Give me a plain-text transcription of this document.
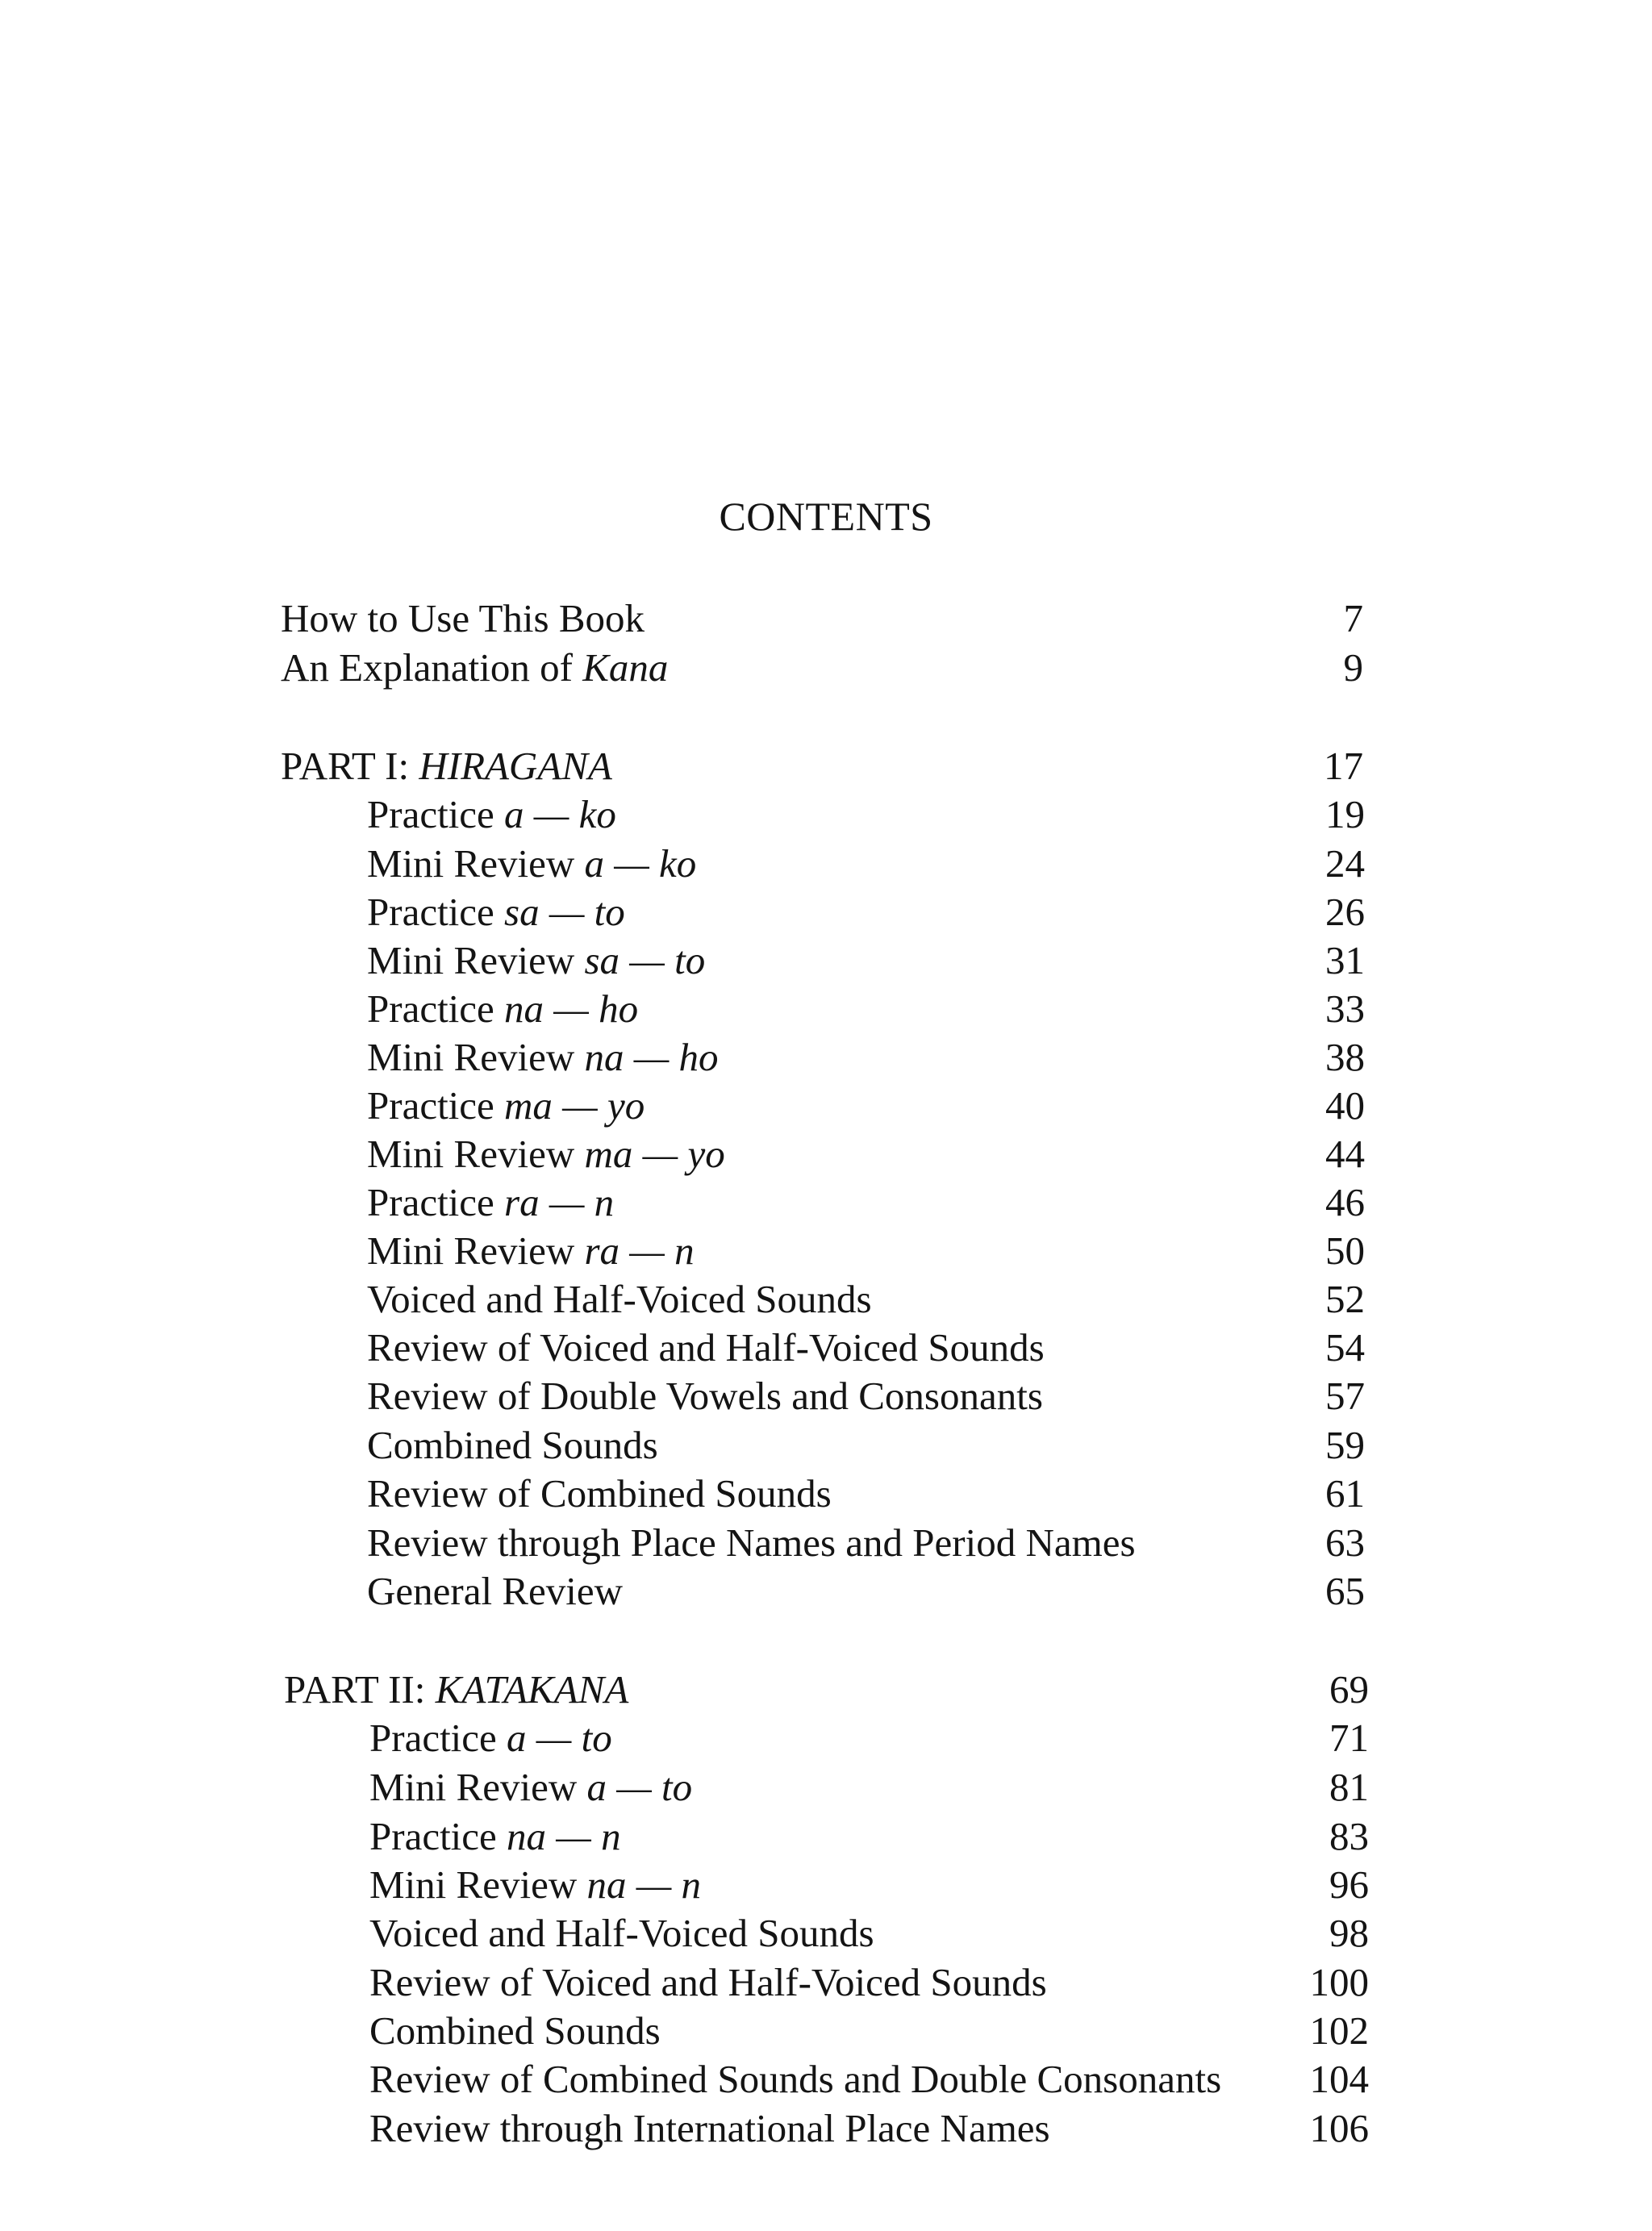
CONTENTS
How to Use This Book	7
An Explanation of Kana	9
PART I: HIRAGANA	17
Practice a — ko	19
Mini Review a — ko	24
Practice sa — to	26
Mini Review sa — to	31
Practice na — ho	33
Mini Review na — ho	38
Practice ma — yo	40
Mini Review ma — yo	44
Practice ra — n	46
Mini Review ra — n	50
Voiced and Half-Voiced Sounds	52
Review of Voiced and Half-Voiced Sounds	54
Review of Double Vowels and Consonants	57
Combined Sounds	59
Review of Combined Sounds	61
Review through Place Names and Period Names	63
General Review	65
PART II: KATAKANA	69
Practice a — to	71
Mini Review a — to	81
Practice na — n	83
Mini Review na — n	96
Voiced and Half-Voiced Sounds	98
Review of Voiced and Half-Voiced Sounds	100
Combined Sounds	102
Review of Combined Sounds and Double Consonants 104
Review through International Place Names	106
